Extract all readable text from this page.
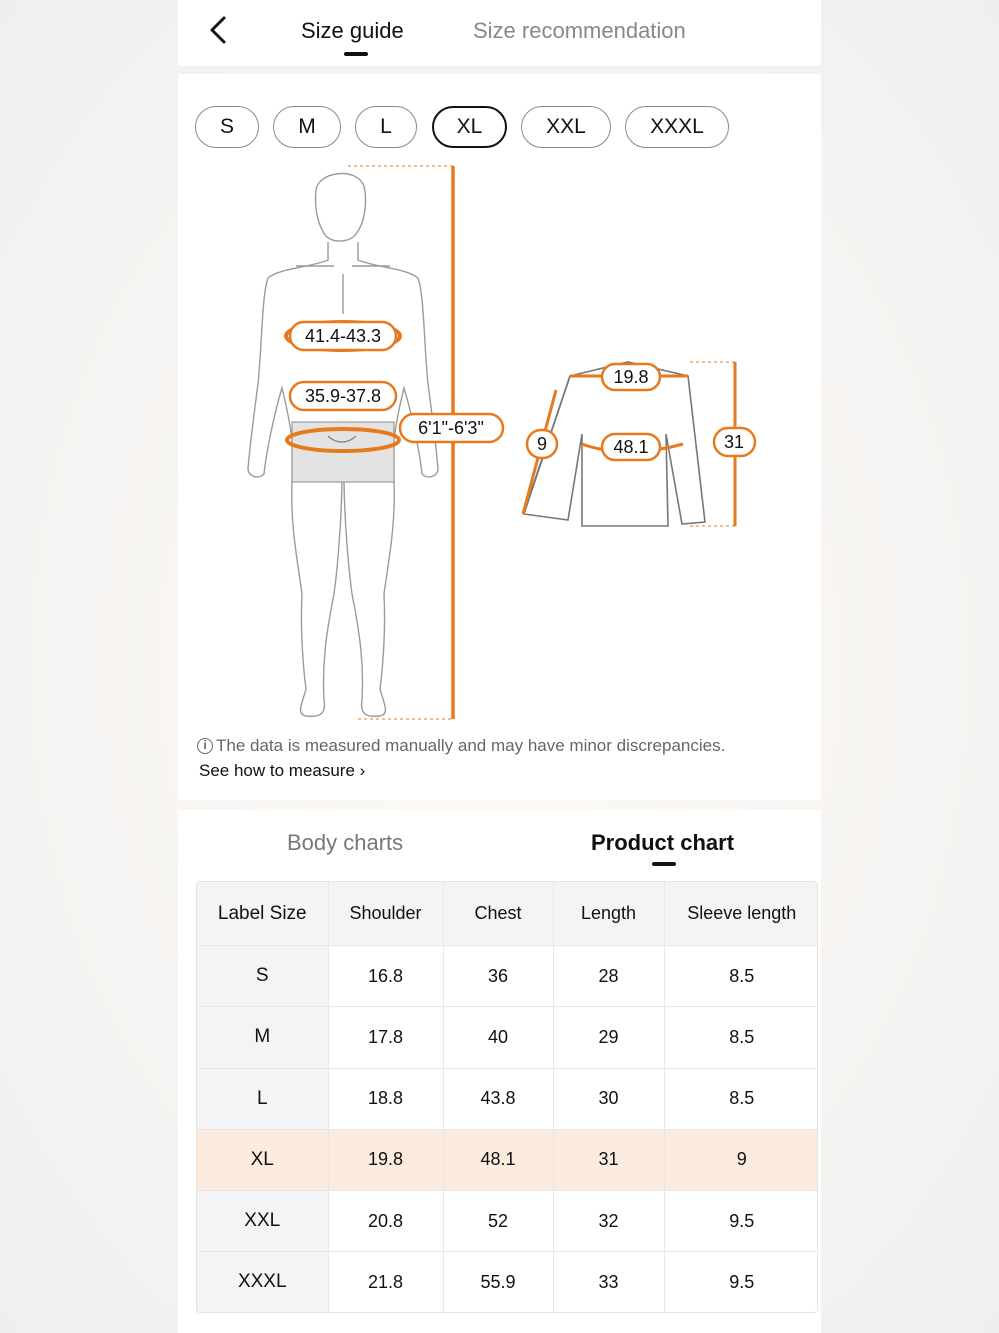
Size guide	Size recommendation
S	M	L	XL	XXL	XXXL
41.4-43.3
35.9-37.8
6'1"-6'3"
19.8
48.1
9	31
i The data is measured manually and may have minor discrepancies.
See how to measure ›
Body charts	Product chart
Label Size	Shoulder	Chest	Length	Sleeve length
S	16.8	36	28	8.5
M	17.8	40	29	8.5
L	18.8	43.8	30	8.5
XL	19.8	48.1	31	9
XXL	20.8	52	32	9.5
XXXL	21.8	55.9	33	9.5
